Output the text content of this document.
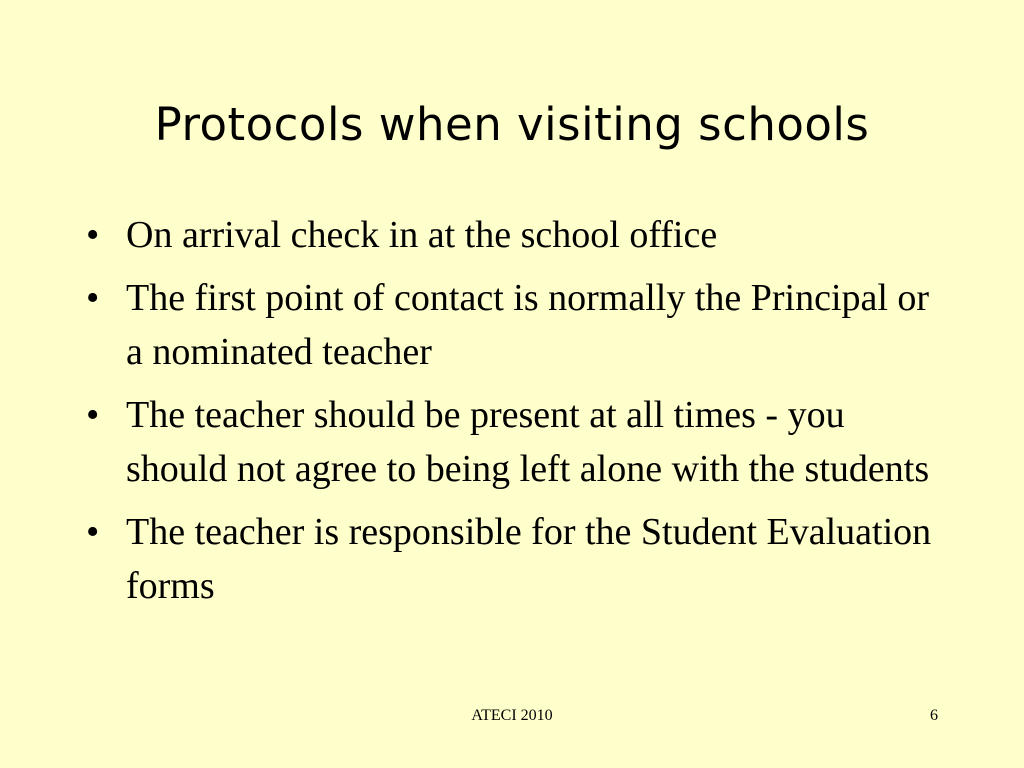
Protocols when visiting schools
• On arrival check in at the school office
• The first point of contact is normally the Principal or a nominated teacher
• The teacher should be present at all times - you should not agree to being left alone with the students
• The teacher is responsible for the Student Evaluation forms
ATECI 2010	6
